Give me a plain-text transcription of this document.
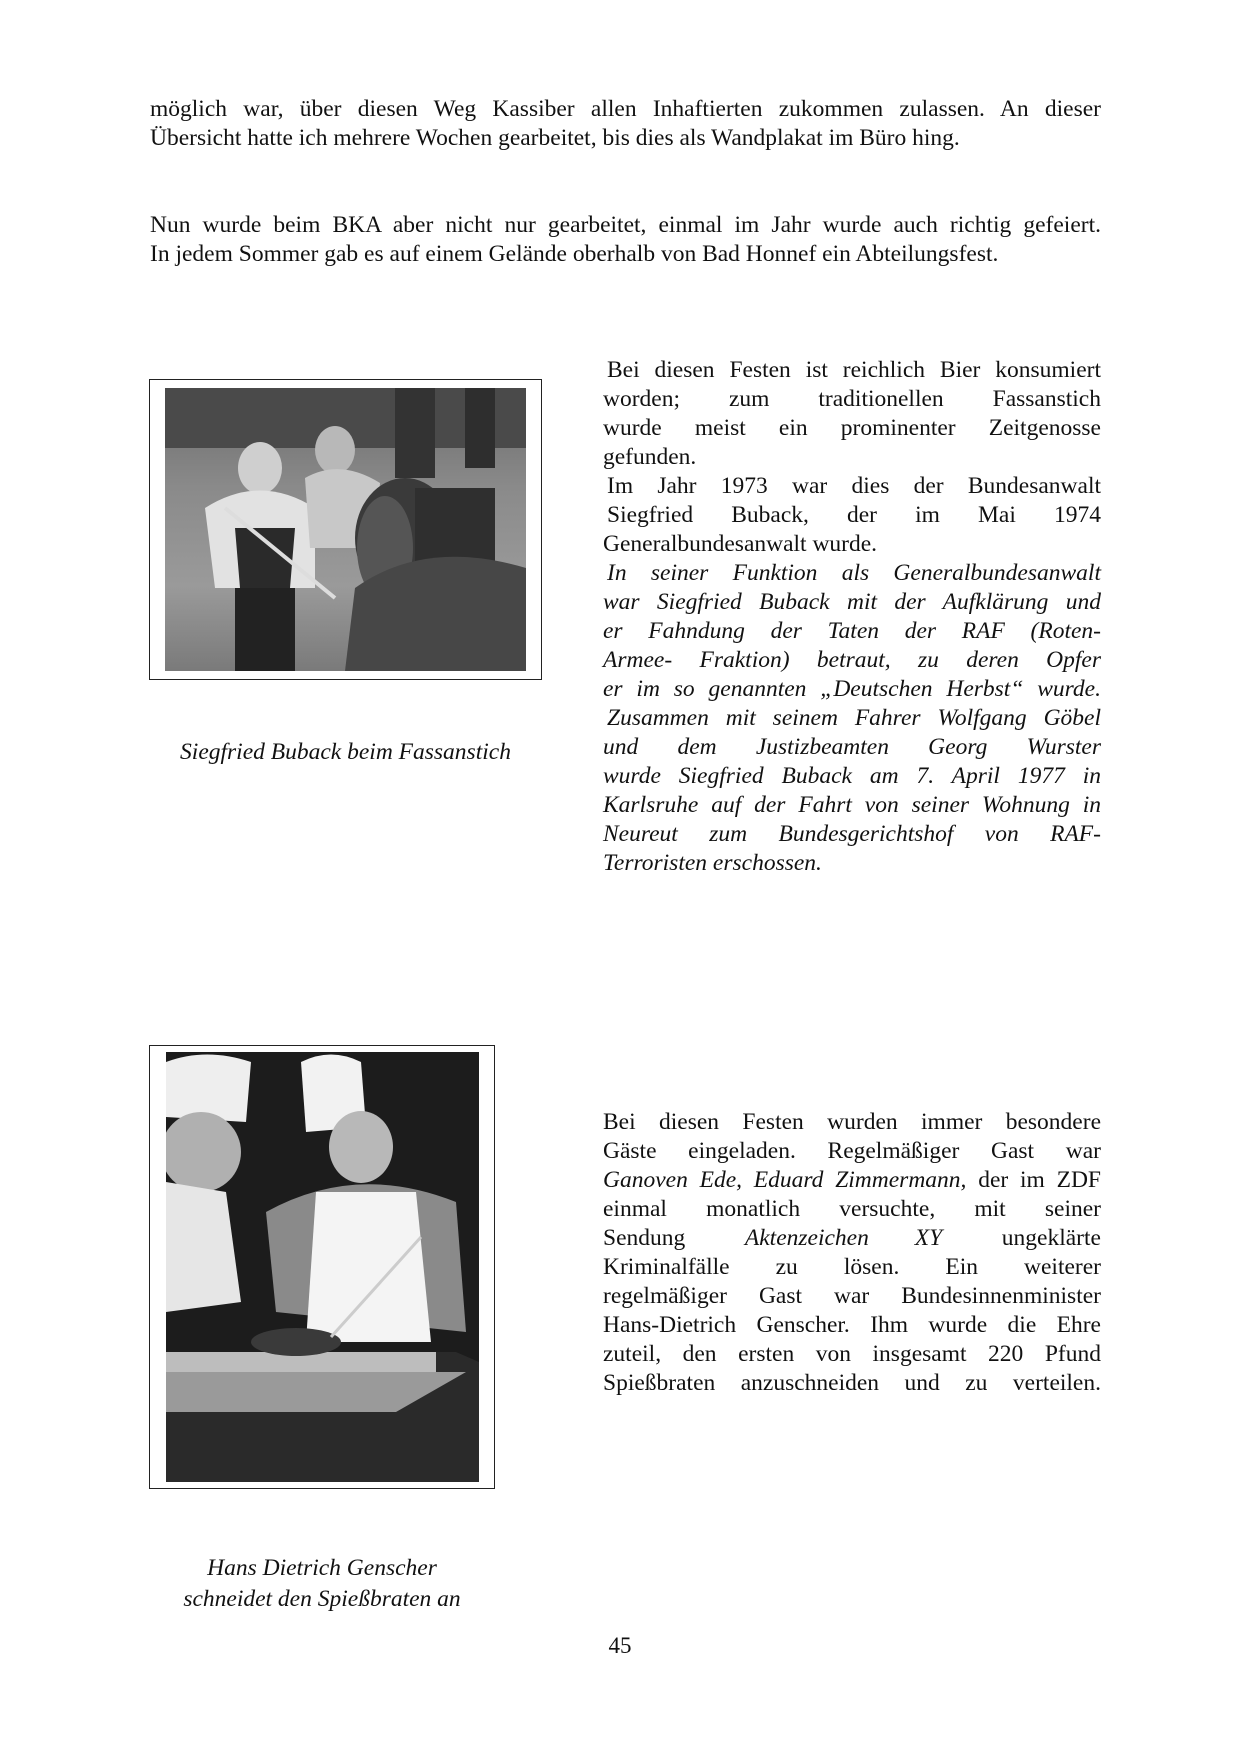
möglich war, über diesen Weg Kassiber allen Inhaftierten zukommen zulassen. An dieser
Übersicht hatte ich mehrere Wochen gearbeitet, bis dies als Wandplakat im Büro hing.
Nun wurde beim BKA aber nicht nur gearbeitet, einmal im Jahr wurde auch richtig gefeiert.
In jedem Sommer gab es auf einem Gelände oberhalb von Bad Honnef ein Abteilungsfest.
Siegfried Buback beim Fassanstich
Bei diesen Festen ist reichlich Bier konsumiert
worden; zum traditionellen Fassanstich
wurde meist ein prominenter Zeitgenosse
gefunden.
Im Jahr 1973 war dies der Bundesanwalt
Siegfried Buback, der im Mai 1974
Generalbundesanwalt wurde.
In seiner Funktion als Generalbundesanwalt
war Siegfried Buback mit der Aufklärung und
er Fahndung der Taten der RAF (Roten-
Armee- Fraktion) betraut, zu deren Opfer
er im so genannten „Deutschen Herbst“ wurde.
Zusammen mit seinem Fahrer Wolfgang Göbel
und dem Justizbeamten Georg Wurster
wurde Siegfried Buback am 7. April 1977 in
Karlsruhe auf der Fahrt von seiner Wohnung in
Neureut zum Bundesgerichtshof von RAF-
Terroristen erschossen.
Hans Dietrich Genscher
schneidet den Spießbraten an
Bei diesen Festen wurden immer besondere
Gäste eingeladen. Regelmäßiger Gast war
Ganoven Ede, Eduard Zimmermann, der im ZDF
einmal monatlich versuchte, mit seiner
Sendung	Aktenzeichen XY	ungeklärte
Kriminalfälle zu lösen. Ein weiterer
regelmäßiger Gast war Bundesinnenminister
Hans-Dietrich Genscher. Ihm wurde die Ehre
zuteil, den ersten von insgesamt 220 Pfund
Spießbraten anzuschneiden und zu verteilen.
45
